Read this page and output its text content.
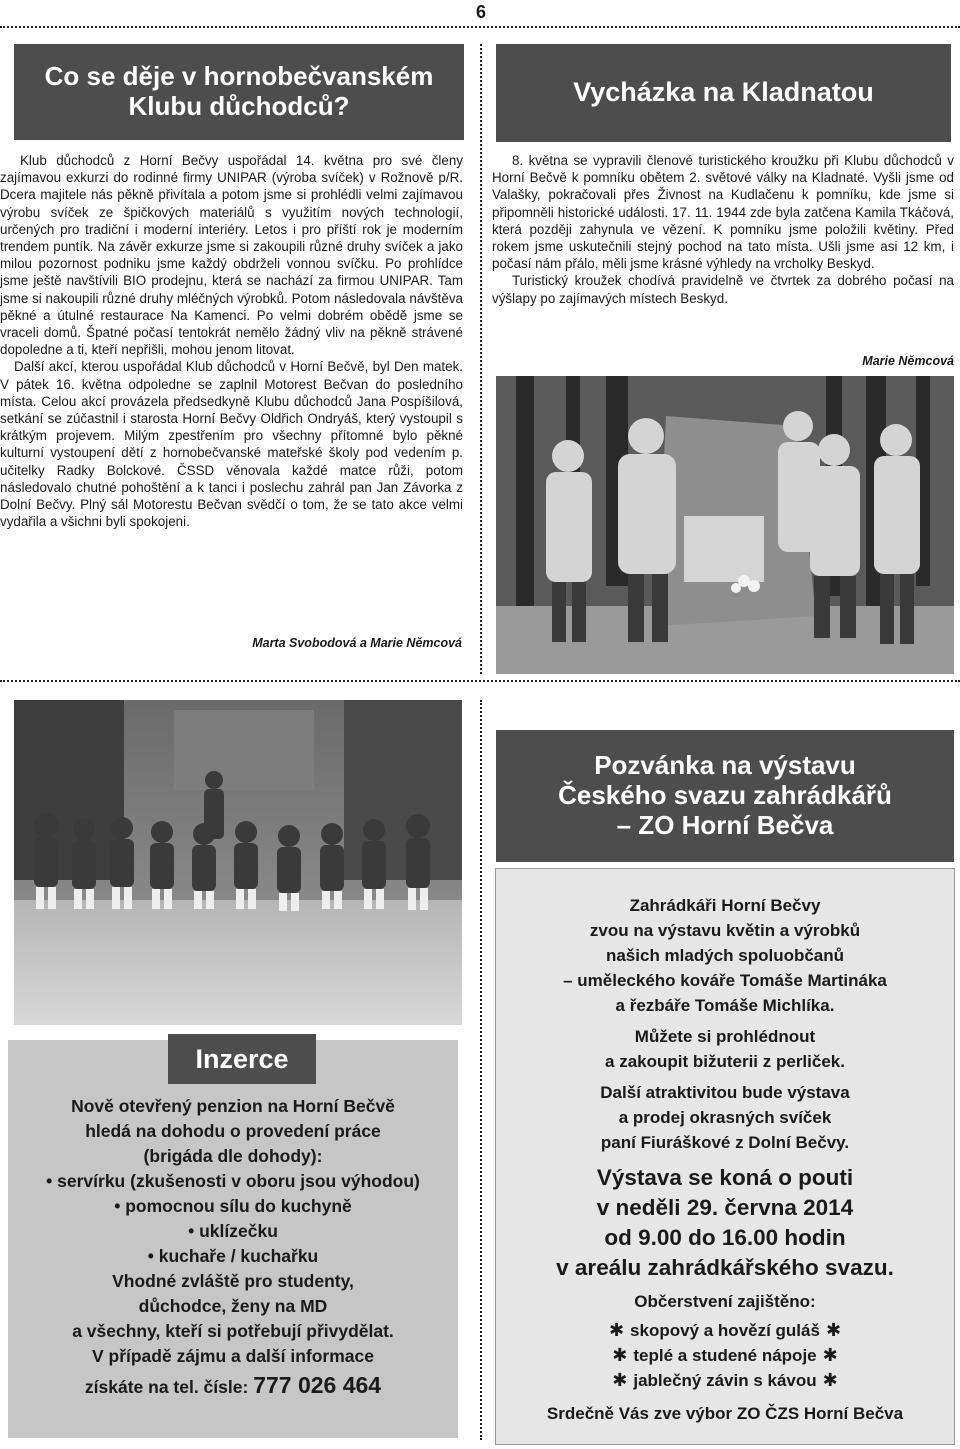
6
Co se děje v hornobečvanském
Klubu důchodců?

Klub důchodců z Horní Bečvy uspořádal 14. května pro své členy zajímavou exkurzi do rodinné firmy UNIPAR (výroba svíček) v Rožnově p/R. Dcera majitele nás pěkně přivítala a potom jsme si prohlédli velmi zajímavou výrobu svíček ze špičkových materiálů s využitím nových technologií, určených pro tradiční i moderní interiéry. Letos i pro příští rok je moderním trendem puntík. Na závěr exkurze jsme si zakoupili různé druhy svíček a jako milou pozornost podniku jsme každý obdrželi vonnou svíčku. Po prohlídce jsme ještě navštívili BIO prodejnu, která se nachází za firmou UNIPAR. Tam jsme si nakoupili různé druhy mléčných výrobků. Potom následovala návštěva pěkné a útulné restaurace Na Kamenci. Po velmi dobrém obědě jsme se vraceli domů. Špatné počasí tentokrát nemělo žádný vliv na pěkně strávené dopoledne a ti, kteří nepřišli, mohou jenom litovat.

Další akcí, kterou uspořádal Klub důchodců v Horní Bečvě, byl Den matek. V pátek 16. května odpoledne se zaplnil Motorest Bečvan do posledního místa. Celou akcí provázela předsedkyně Klubu důchodců Jana Pospíšilová, setkání se zúčastnil i starosta Horní Bečvy Oldřich Ondryáš, který vystoupil s krátkým projevem. Milým zpestřením pro všechny přítomné bylo pěkné kulturní vystoupení dětí z hornobečvanské mateřské školy pod vedením p. učitelky Radky Bolckové. ČSSD věnovala každé matce růži, potom následovalo chutné pohoštění a k tanci i poslechu zahrál pan Jan Závorka z Dolní Bečvy. Plný sál Motorestu Bečvan svědčí o tom, že se tato akce velmi vydařila a všichni byli spokojeni.

Marta Svobodová a Marie Němcová
Vycházka na Kladnatou

8. května se vypravili členové turistického kroužku při Klubu důchodců v Horní Bečvě k pomníku obětem 2. světové války na Kladnaté. Vyšli jsme od Valašky, pokračovali přes Živnost na Kudlačenu k pomníku, kde jsme si připomněli historické události. 17. 11. 1944 zde byla zatčena Kamila Tkáčová, která později zahynula ve vězení. K pomníku jsme položili květiny. Před rokem jsme uskutečnili stejný pochod na tato místa. Ušli jsme asi 12 km, i počasí nám přálo, měli jsme krásné výhledy na vrcholky Beskyd.

Turistický kroužek chodívá pravidelně ve čtvrtek za dobrého počasí na výšlapy po zajímavých místech Beskyd.

Marie Němcová
Inzerce
Nově otevřený penzion na Horní Bečvě
hledá na dohodu o provedení práce
(brigáda dle dohody):
• servírku (zkušenosti v oboru jsou výhodou)
• pomocnou sílu do kuchyně
• uklízečku
• kuchaře / kuchařku
Vhodné zvláště pro studenty,
důchodce, ženy na MD
a všechny, kteří si potřebují přivydělat.
V případě zájmu a další informace
získáte na tel. čísle: 777 026 464
Pozvánka na výstavu
Českého svazu zahrádkářů
– ZO Horní Bečva
Zahrádkáři Horní Bečvy
zvou na výstavu květin a výrobků
našich mladých spoluobčanů
– uměleckého kováře Tomáše Martináka
a řezbáře Tomáše Michlíka.
Můžete si prohlédnout
a zakoupit bižuterii z perliček.
Další atraktivitou bude výstava
a prodej okrasných svíček
paní Fiuráškové z Dolní Bečvy.
Výstava se koná o pouti
v neděli 29. června 2014
od 9.00 do 16.00 hodin
v areálu zahrádkářského svazu.
Občerstvení zajištěno:
✱ skopový a hovězí guláš ✱
✱ teplé a studené nápoje ✱
✱ jablečný závin s kávou ✱
Srdečně Vás zve výbor ZO ČZS Horní Bečva
